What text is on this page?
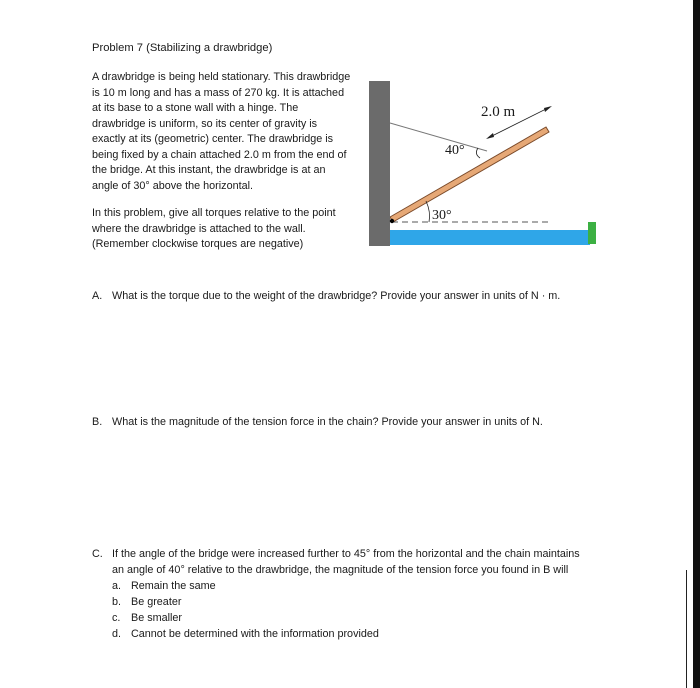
Problem 7 (Stabilizing a drawbridge)

A drawbridge is being held stationary. This drawbridge

is 10 m long and has a mass of 270 kg. It is attached

at its base to a stone wall with a hinge. The

drawbridge is uniform, so its center of gravity is

exactly at its (geometric) center. The drawbridge is

being fixed by a chain attached 2.0 m from the end of

the bridge. At this instant, the drawbridge is at an

angle of 30° above the horizontal.

In this problem, give all torques relative to the point
where the drawbridge is attached to the wall.
(Remember clockwise torques are negative)
2.0 m
40°
30°
A. What is the torque due to the weight of the drawbridge? Provide your answer in units of N · m.
B. What is the magnitude of the tension force in the chain? Provide your answer in units of N.
C. If the angle of the bridge were increased further to 45° from the horizontal and the chain maintains
an angle of 40° relative to the drawbridge, the magnitude of the tension force you found in B will
a. Remain the same
b. Be greater
c. Be smaller
d. Cannot be determined with the information provided
